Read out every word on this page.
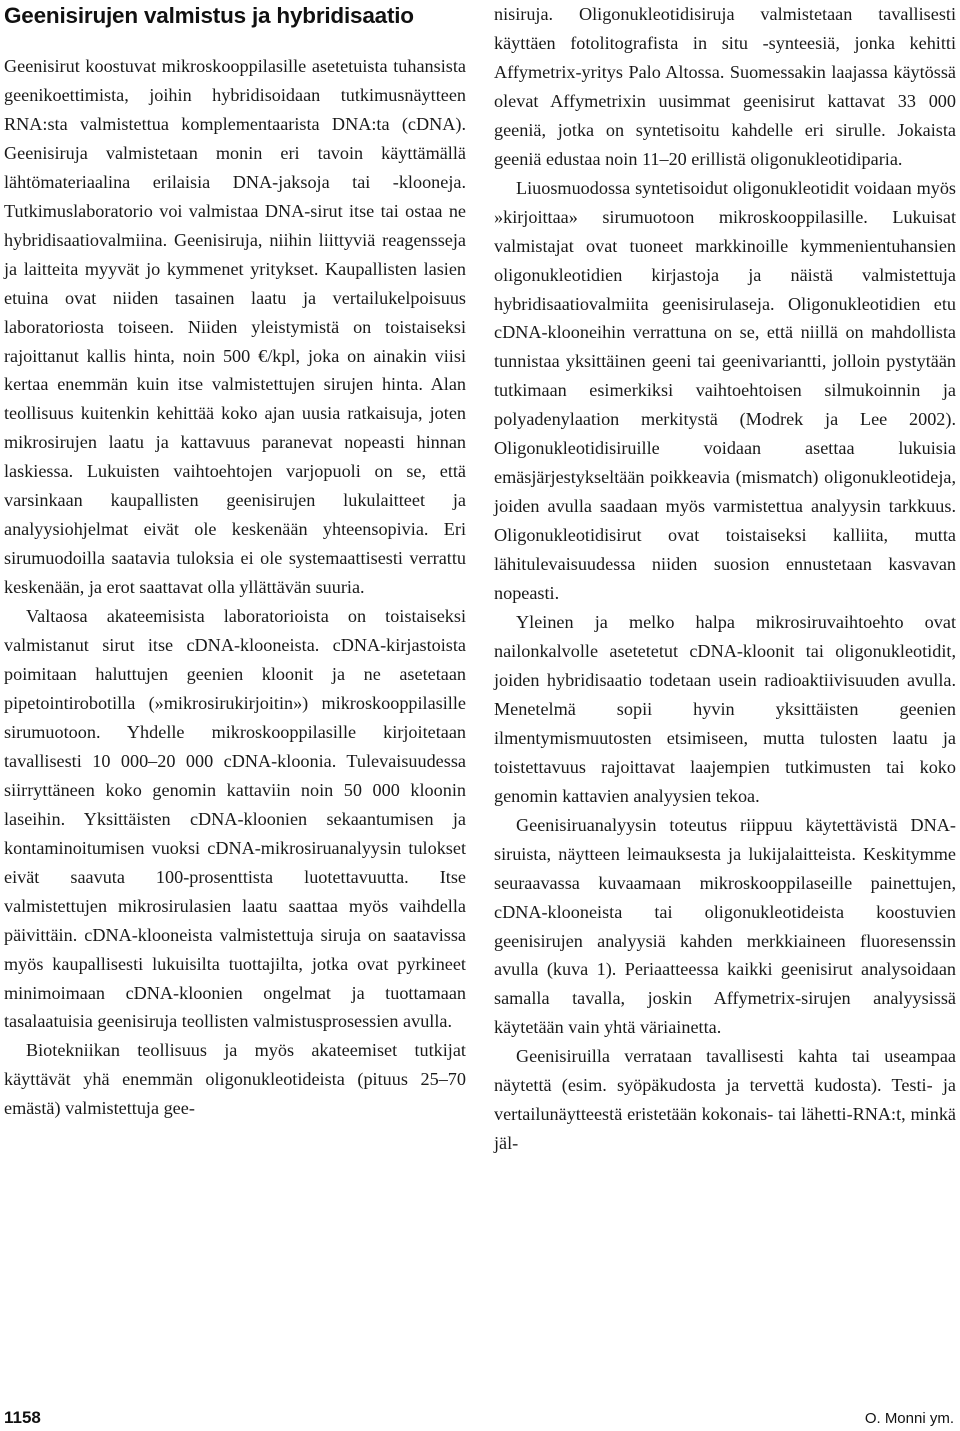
Geenisirujen valmistus ja hybridisaatio

Geenisirut koostuvat mikroskooppilasille asetetuista tuhansista geenikoettimista, joihin hybridisoidaan tutkimusnäytteen RNA:sta valmistettua komplementaarista DNA:ta (cDNA). Geenisiruja valmistetaan monin eri tavoin käyttämällä lähtömateriaalina erilaisia DNA-jaksoja tai -klooneja. Tutkimuslaboratorio voi valmistaa DNA-sirut itse tai ostaa ne hybridisaatiovalmiina. Geenisiruja, niihin liittyviä reagensseja ja laitteita myyvät jo kymmenet yritykset. Kaupallisten lasien etuina ovat niiden tasainen laatu ja vertailukelpoisuus laboratoriosta toiseen. Niiden yleistymistä on toistaiseksi rajoittanut kallis hinta, noin 500 €/kpl, joka on ainakin viisi kertaa enemmän kuin itse valmistettujen sirujen hinta. Alan teollisuus kuitenkin kehittää koko ajan uusia ratkaisuja, joten mikrosirujen laatu ja kattavuus paranevat nopeasti hinnan laskiessa. Lukuisten vaihtoehtojen varjopuoli on se, että varsinkaan kaupallisten geenisirujen lukulaitteet ja analyysiohjelmat eivät ole keskenään yhteensopivia. Eri sirumuodoilla saatavia tuloksia ei ole systemaattisesti verrattu keskenään, ja erot saattavat olla yllättävän suuria.

Valtaosa akateemisista laboratorioista on toistaiseksi valmistanut sirut itse cDNA-klooneista. cDNA-kirjastoista poimitaan haluttujen geenien kloonit ja ne asetetaan pipetointirobotilla (»mikrosirukirjoitin») mikroskooppilasille sirumuotoon. Yhdelle mikroskooppilasille kirjoitetaan tavallisesti 10 000–20 000 cDNA-kloonia. Tulevaisuudessa siirryttäneen koko genomin kattaviin noin 50 000 kloonin laseihin. Yksittäisten cDNA-kloonien sekaantumisen ja kontaminoitumisen vuoksi cDNA-mikrosiruanalyysin tulokset eivät saavuta 100-prosenttista luotettavuutta. Itse valmistettujen mikrosirulasien laatu saattaa myös vaihdella päivittäin. cDNA-klooneista valmistettuja siruja on saatavissa myös kaupallisesti lukuisilta tuottajilta, jotka ovat pyrkineet minimoimaan cDNA-kloonien ongelmat ja tuottamaan tasalaatuisia geenisiruja teollisten valmistusprosessien avulla.

Biotekniikan teollisuus ja myös akateemiset tutkijat käyttävät yhä enemmän oligonukleotideista (pituus 25–70 emästä) valmistettuja gee-

nisiruja. Oligonukleotidisiruja valmistetaan tavallisesti käyttäen fotolitografista in situ -synteesiä, jonka kehitti Affymetrix-yritys Palo Altossa. Suomessakin laajassa käytössä olevat Affymetrixin uusimmat geenisirut kattavat 33 000 geeniä, jotka on syntetisoitu kahdelle eri sirulle. Jokaista geeniä edustaa noin 11–20 erillistä oligonukleotidiparia.

Liuosmuodossa syntetisoidut oligonukleotidit voidaan myös »kirjoittaa» sirumuotoon mikroskooppilasille. Lukuisat valmistajat ovat tuoneet markkinoille kymmenientuhansien oligonukleotidien kirjastoja ja näistä valmistettuja hybridisaatiovalmiita geenisirulaseja. Oligonukleotidien etu cDNA-klooneihin verrattuna on se, että niillä on mahdollista tunnistaa yksittäinen geeni tai geenivariantti, jolloin pystytään tutkimaan esimerkiksi vaihtoehtoisen silmukoinnin ja polyadenylaation merkitystä (Modrek ja Lee 2002). Oligonukleotidisiruille voidaan asettaa lukuisia emäsjärjestykseltään poikkeavia (mismatch) oligonukleotideja, joiden avulla saadaan myös varmistettua analyysin tarkkuus. Oligonukleotidisirut ovat toistaiseksi kalliita, mutta lähitulevaisuudessa niiden suosion ennustetaan kasvavan nopeasti.

Yleinen ja melko halpa mikrosiruvaihtoehto ovat nailonkalvolle asetetetut cDNA-kloonit tai oligonukleotidit, joiden hybridisaatio todetaan usein radioaktiivisuuden avulla. Menetelmä sopii hyvin yksittäisten geenien ilmentymismuutosten etsimiseen, mutta tulosten laatu ja toistettavuus rajoittavat laajempien tutkimusten tai koko genomin kattavien analyysien tekoa.

Geenisiruanalyysin toteutus riippuu käytettävistä DNA-siruista, näytteen leimauksesta ja lukijalaitteista. Keskitymme seuraavassa kuvaamaan mikroskooppilaseille painettujen, cDNA-klooneista tai oligonukleotideista koostuvien geenisirujen analyysiä kahden merkkiaineen fluoresenssin avulla (kuva 1). Periaatteessa kaikki geenisirut analysoidaan samalla tavalla, joskin Affymetrix-sirujen analyysissä käytetään vain yhtä väriainetta.

Geenisiruilla verrataan tavallisesti kahta tai useampaa näytettä (esim. syöpäkudosta ja tervettä kudosta). Testi- ja vertailunäytteestä eristetään kokonais- tai lähetti-RNA:t, minkä jäl-

1158	O. Monni ym.
